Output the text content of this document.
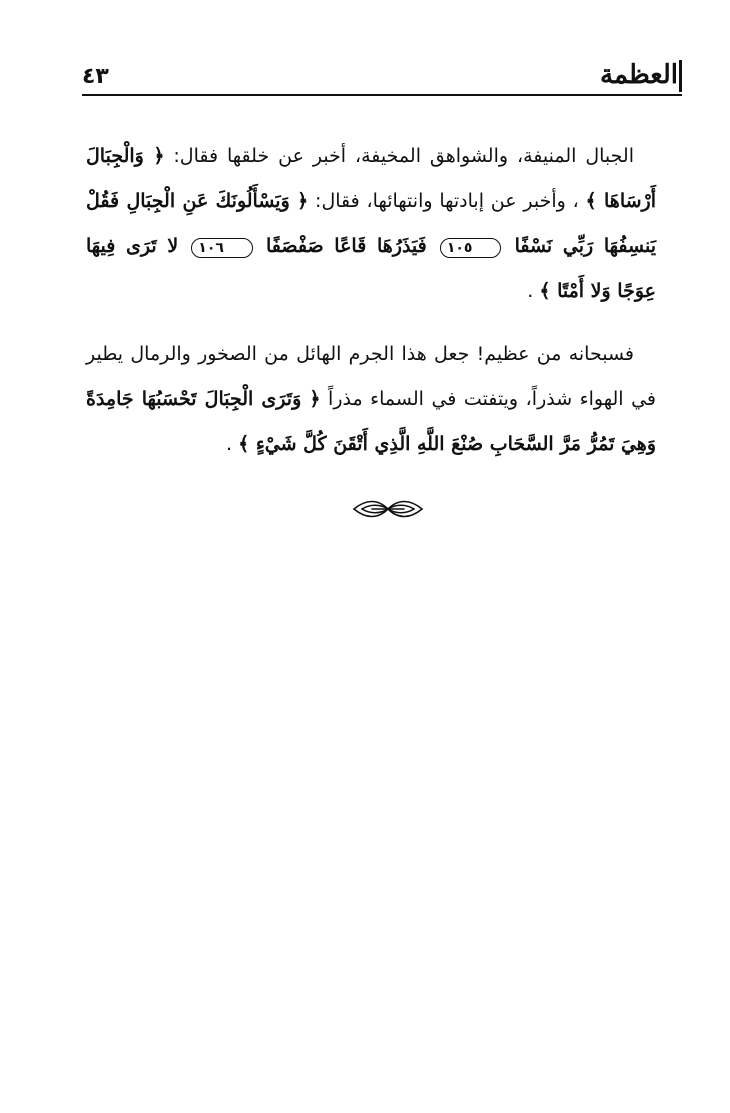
العظمة
٤٣

الجبال المنيفة، والشواهق المخيفة، أخبر عن خلقها فقال: ﴿ وَالْجِبَالَ أَرْسَاهَا ﴾ ، وأخبر عن إبادتها وانتهائها، فقال: ﴿ وَيَسْأَلُونَكَ عَنِ الْجِبَالِ فَقُلْ يَنسِفُهَا رَبِّي نَسْفًا ١٠٥ فَيَذَرُهَا قَاعًا صَفْصَفًا ١٠٦ لا تَرَى فِيهَا عِوَجًا وَلا أَمْتًا ﴾ .

فسبحانه من عظيم! جعل هذا الجرم الهائل من الصخور والرمال يطير في الهواء شذراً، ويتفتت في السماء مذراً ﴿ وَتَرَى الْجِبَالَ تَحْسَبُهَا جَامِدَةً وَهِيَ تَمُرُّ مَرَّ السَّحَابِ صُنْعَ اللَّهِ الَّذِي أَتْقَنَ كُلَّ شَيْءٍ ﴾ .
